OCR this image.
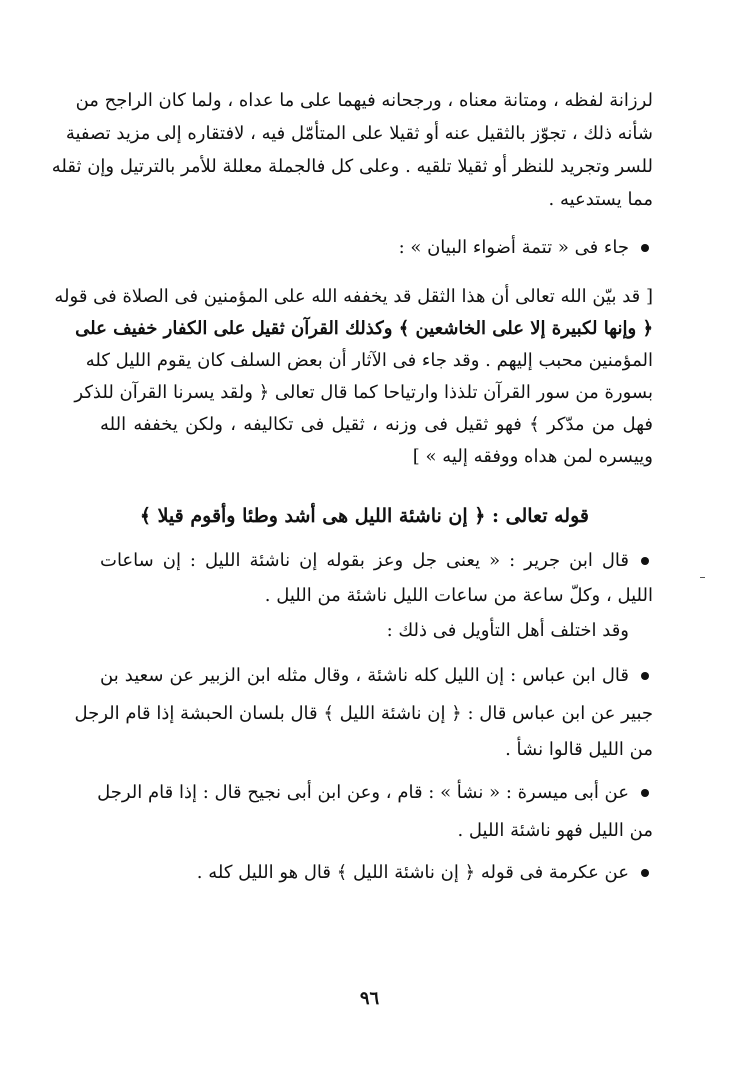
لرزانة لفظه ، ومتانة معناه ، ورجحانه فيهما على ما عداه ، ولما كان الراجح من
شأنه ذلك ، تجوّز بالثقيل عنه أو ثقيلا على المتأمّل فيه ، لافتقاره إلى مزيد تصفية
للسر وتجريد للنظر أو ثقيلا تلقيه . وعلى كل فالجملة معللة للأمر بالترتيل وإن ثقله
مما يستدعيه .
جاء فى « تتمة أضواء البيان » :
[ قد بيّن الله تعالى أن هذا الثقل قد يخففه الله على المؤمنين فى الصلاة فى قوله
﴿ وإنها لكبيرة إلا على الخاشعين ﴾ وكذلك القرآن ثقيل على الكفار خفيف على
المؤمنين محبب إليهم . وقد جاء فى الآثار أن بعض السلف كان يقوم الليل كله
بسورة من سور القرآن تلذذا وارتياحا كما قال تعالى ﴿ ولقد يسرنا القرآن للذكر
فهل من مدّكر ﴾ فهو ثقيل فى وزنه ، ثقيل فى تكاليفه ، ولكن يخففه الله
وييسره لمن هداه ووفقه إليه » ]
قوله تعالى : ﴿ إن ناشئة الليل هى أشد وطئا وأقوم قيلا ﴾
قال ابن جرير : « يعنى جل وعز بقوله إن ناشئة الليل : إن ساعات
الليل ، وكلّ ساعة من ساعات الليل ناشئة من الليل .
وقد اختلف أهل التأويل فى ذلك :
قال ابن عباس : إن الليل كله ناشئة ، وقال مثله ابن الزبير عن سعيد بن
جبير عن ابن عباس قال : ﴿ إن ناشئة الليل ﴾ قال بلسان الحبشة إذا قام الرجل
من الليل قالوا نشأ .
عن أبى ميسرة : « نشأ » : قام ، وعن ابن أبى نجيح قال : إذا قام الرجل
من الليل فهو ناشئة الليل .
عن عكرمة فى قوله ﴿ إن ناشئة الليل ﴾ قال هو الليل كله .
٩٦
